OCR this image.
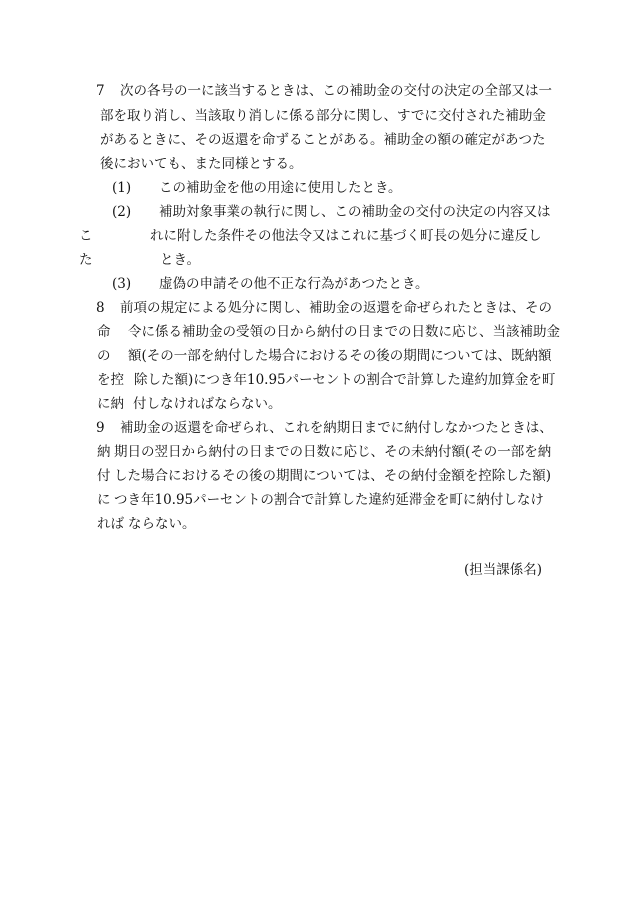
7 次の各号の一に該当するときは、この補助金の交付の決定の全部又は一
部を取り消し、当該取り消しに係る部分に関し、すでに交付された補助金
があるときに、その返還を命ずることがある。補助金の額の確定があつた
後においても、また同様とする。
(1) この補助金を他の用途に使用したとき。
(2) 補助対象事業の執行に関し、この補助金の交付の決定の内容又は
こ	れに附した条件その他法令又はこれに基づく町長の処分に違反し
た	とき。
(3) 虚偽の申請その他不正な行為があつたとき。
8 前項の規定による処分に関し、補助金の返還を命ぜられたときは、その
命 令に係る補助金の受領の日から納付の日までの日数に応じ、当該補助金
の 額(その一部を納付した場合におけるその後の期間については、既納額
を控 除した額)につき年10.95パーセントの割合で計算した違約加算金を町
に納 付しなければならない。
9 補助金の返還を命ぜられ、これを納期日までに納付しなかつたときは、
納 期日の翌日から納付の日までの日数に応じ、その未納付額(その一部を納
付 した場合におけるその後の期間については、その納付金額を控除した額)
に つき年10.95パーセントの割合で計算した違約延滞金を町に納付しなけ
れば ならない。
(担当課係名)
